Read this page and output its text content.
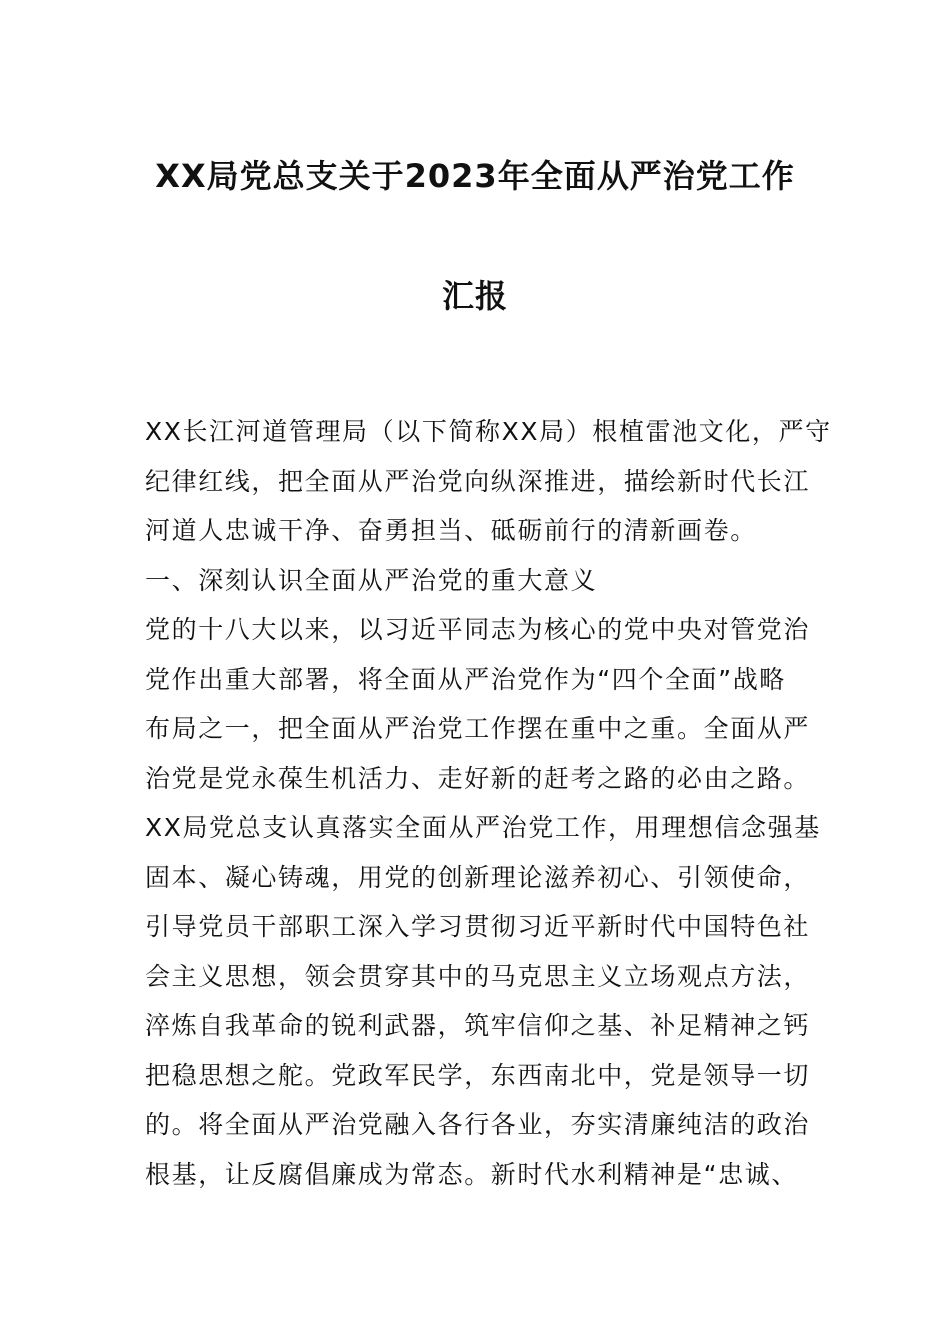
XX局党总支关于2023年全面从严治党工作
汇报
XX长江河道管理局（以下简称XX局）根植雷池文化，严守
纪律红线，把全面从严治党向纵深推进，描绘新时代长江
河道人忠诚干净、奋勇担当、砥砺前行的清新画卷。
一、深刻认识全面从严治党的重大意义
党的十八大以来，以习近平同志为核心的党中央对管党治
党作出重大部署，将全面从严治党作为“四个全面”战略
布局之一，把全面从严治党工作摆在重中之重。全面从严
治党是党永葆生机活力、走好新的赶考之路的必由之路。
XX局党总支认真落实全面从严治党工作，用理想信念强基
固本、凝心铸魂，用党的创新理论滋养初心、引领使命，
引导党员干部职工深入学习贯彻习近平新时代中国特色社
会主义思想，领会贯穿其中的马克思主义立场观点方法，
淬炼自我革命的锐利武器，筑牢信仰之基、补足精神之钙
把稳思想之舵。党政军民学，东西南北中，党是领导一切
的。将全面从严治党融入各行各业，夯实清廉纯洁的政治
根基，让反腐倡廉成为常态。新时代水利精神是“忠诚、
